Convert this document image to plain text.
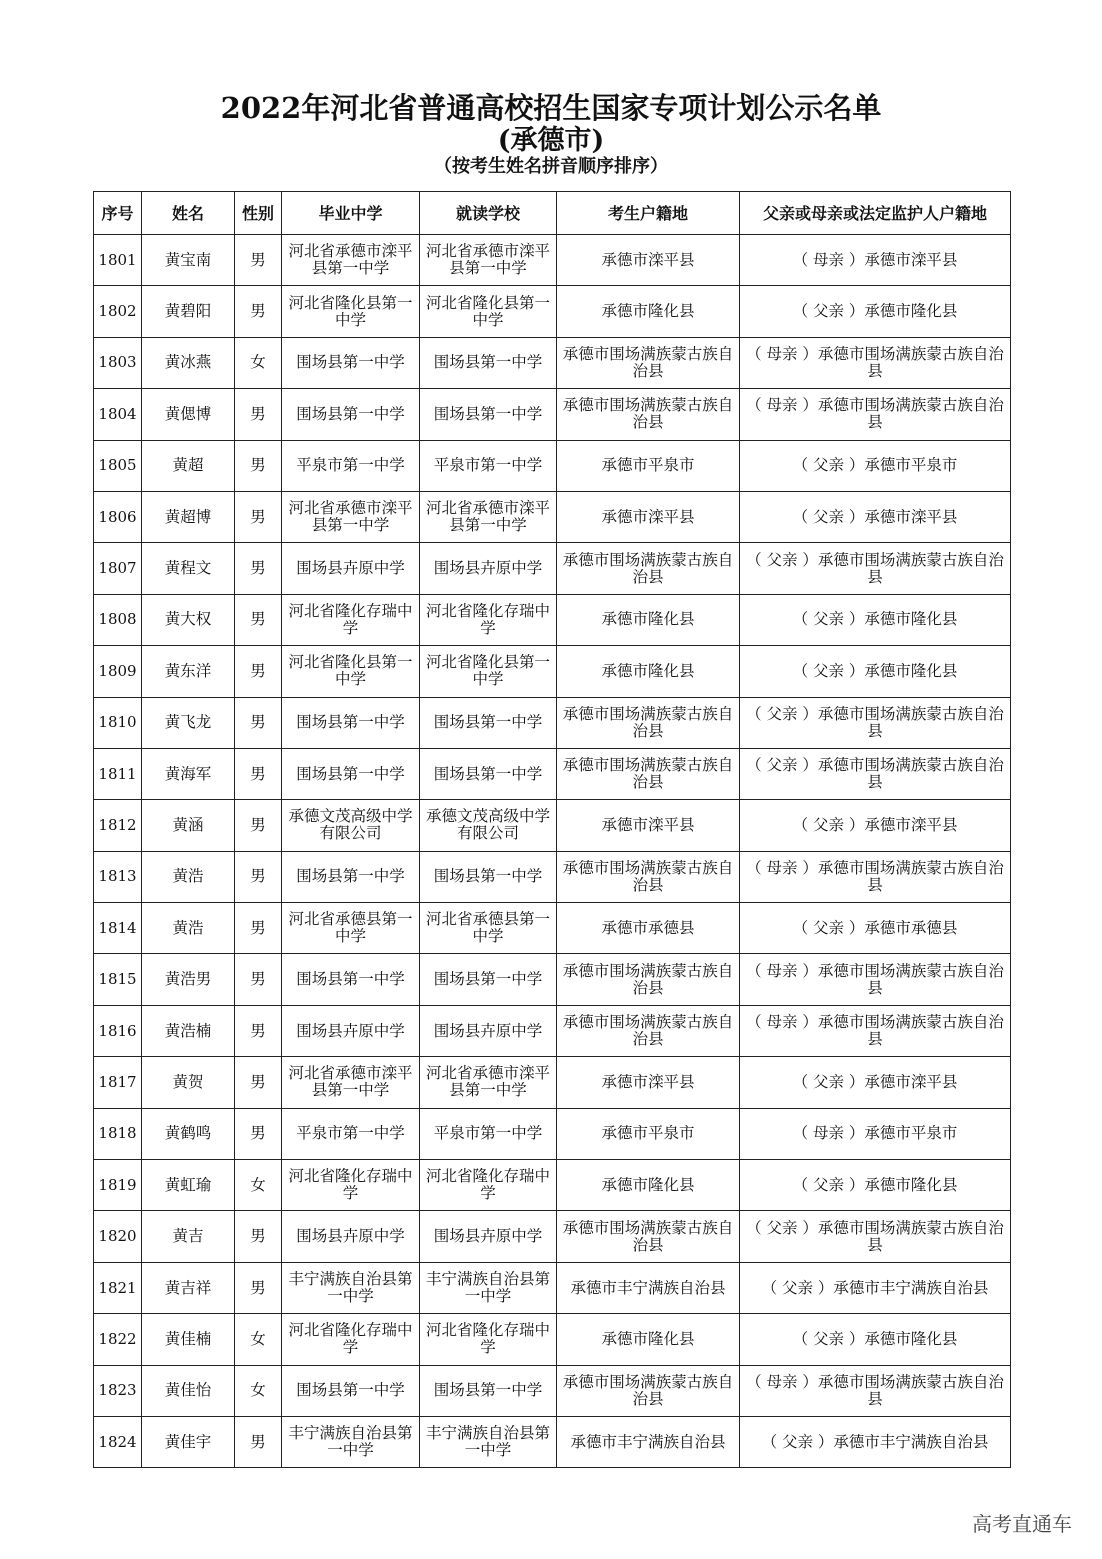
2022年河北省普通高校招生国家专项计划公示名单
(承德市)
（按考生姓名拼音顺序排序）
序号	姓名	性别	毕业中学	就读学校	考生户籍地	父亲或母亲或法定监护人户籍地
1801	黄宝南	男	河北省承德市滦平县第一中学	河北省承德市滦平县第一中学	承德市滦平县	（ 母亲 ）承德市滦平县
1802	黄碧阳	男	河北省隆化县第一中学	河北省隆化县第一中学	承德市隆化县	（ 父亲 ）承德市隆化县
1803	黄冰燕	女	围场县第一中学	围场县第一中学	承德市围场满族蒙古族自治县	（ 母亲 ）承德市围场满族蒙古族自治县
1804	黄偲博	男	围场县第一中学	围场县第一中学	承德市围场满族蒙古族自治县	（ 母亲 ）承德市围场满族蒙古族自治县
1805	黄超	男	平泉市第一中学	平泉市第一中学	承德市平泉市	（ 父亲 ）承德市平泉市
1806	黄超博	男	河北省承德市滦平县第一中学	河北省承德市滦平县第一中学	承德市滦平县	（ 父亲 ）承德市滦平县
1807	黄程文	男	围场县卉原中学	围场县卉原中学	承德市围场满族蒙古族自治县	（ 父亲 ）承德市围场满族蒙古族自治县
1808	黄大权	男	河北省隆化存瑞中学	河北省隆化存瑞中学	承德市隆化县	（ 父亲 ）承德市隆化县
1809	黄东洋	男	河北省隆化县第一中学	河北省隆化县第一中学	承德市隆化县	（ 父亲 ）承德市隆化县
1810	黄飞龙	男	围场县第一中学	围场县第一中学	承德市围场满族蒙古族自治县	（ 父亲 ）承德市围场满族蒙古族自治县
1811	黄海军	男	围场县第一中学	围场县第一中学	承德市围场满族蒙古族自治县	（ 父亲 ）承德市围场满族蒙古族自治县
1812	黄涵	男	承德文茂高级中学有限公司	承德文茂高级中学有限公司	承德市滦平县	（ 父亲 ）承德市滦平县
1813	黄浩	男	围场县第一中学	围场县第一中学	承德市围场满族蒙古族自治县	（ 母亲 ）承德市围场满族蒙古族自治县
1814	黄浩	男	河北省承德县第一中学	河北省承德县第一中学	承德市承德县	（ 父亲 ）承德市承德县
1815	黄浩男	男	围场县第一中学	围场县第一中学	承德市围场满族蒙古族自治县	（ 母亲 ）承德市围场满族蒙古族自治县
1816	黄浩楠	男	围场县卉原中学	围场县卉原中学	承德市围场满族蒙古族自治县	（ 母亲 ）承德市围场满族蒙古族自治县
1817	黄贺	男	河北省承德市滦平县第一中学	河北省承德市滦平县第一中学	承德市滦平县	（ 父亲 ）承德市滦平县
1818	黄鹤鸣	男	平泉市第一中学	平泉市第一中学	承德市平泉市	（ 母亲 ）承德市平泉市
1819	黄虹瑜	女	河北省隆化存瑞中学	河北省隆化存瑞中学	承德市隆化县	（ 父亲 ）承德市隆化县
1820	黄吉	男	围场县卉原中学	围场县卉原中学	承德市围场满族蒙古族自治县	（ 父亲 ）承德市围场满族蒙古族自治县
1821	黄吉祥	男	丰宁满族自治县第一中学	丰宁满族自治县第一中学	承德市丰宁满族自治县	（ 父亲 ）承德市丰宁满族自治县
1822	黄佳楠	女	河北省隆化存瑞中学	河北省隆化存瑞中学	承德市隆化县	（ 父亲 ）承德市隆化县
1823	黄佳怡	女	围场县第一中学	围场县第一中学	承德市围场满族蒙古族自治县	（ 母亲 ）承德市围场满族蒙古族自治县
1824	黄佳宇	男	丰宁满族自治县第一中学	丰宁满族自治县第一中学	承德市丰宁满族自治县	（ 父亲 ）承德市丰宁满族自治县
高考直通车
